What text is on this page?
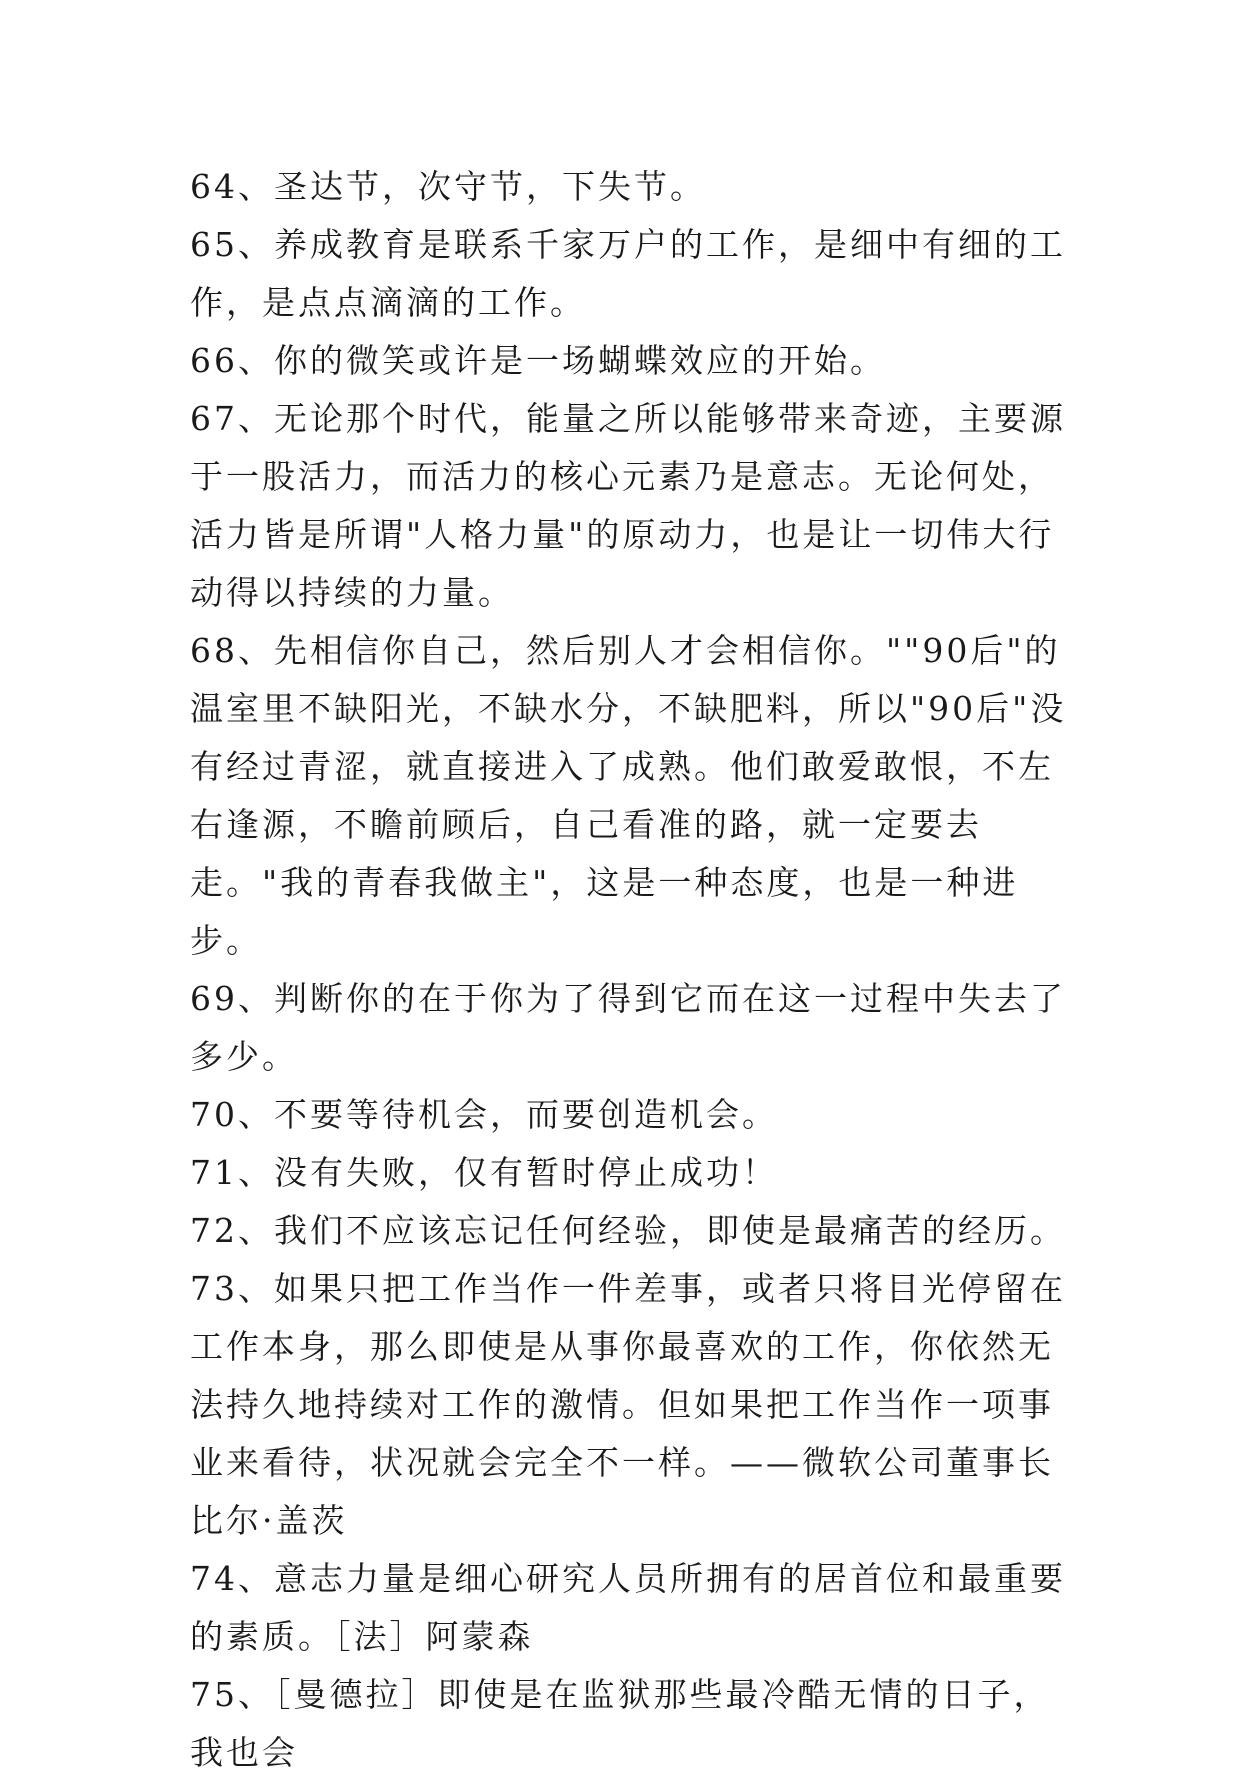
64、圣达节，次守节，下失节。

65、养成教育是联系千家万户的工作，是细中有细的工作，是点点滴滴的工作。

66、你的微笑或许是一场蝴蝶效应的开始。

67、无论那个时代，能量之所以能够带来奇迹，主要源于一股活力，而活力的核心元素乃是意志。无论何处，活力皆是所谓"人格力量"的原动力，也是让一切伟大行动得以持续的力量。

68、先相信你自己，然后别人才会相信你。""90后"的温室里不缺阳光，不缺水分，不缺肥料，所以"90后"没有经过青涩，就直接进入了成熟。他们敢爱敢恨，不左右逢源，不瞻前顾后，自己看准的路，就一定要去走。"我的青春我做主"，这是一种态度，也是一种进步。

69、判断你的在于你为了得到它而在这一过程中失去了多少。

70、不要等待机会，而要创造机会。

71、没有失败，仅有暂时停止成功！

72、我们不应该忘记任何经验，即使是最痛苦的经历。

73、如果只把工作当作一件差事，或者只将目光停留在工作本身，那么即使是从事你最喜欢的工作，你依然无法持久地持续对工作的激情。但如果把工作当作一项事业来看待，状况就会完全不一样。——微软公司董事长比尔·盖茨

74、意志力量是细心研究人员所拥有的居首位和最重要的素质。［法］阿蒙森

75、［曼德拉］即使是在监狱那些最冷酷无情的日子，我也会
